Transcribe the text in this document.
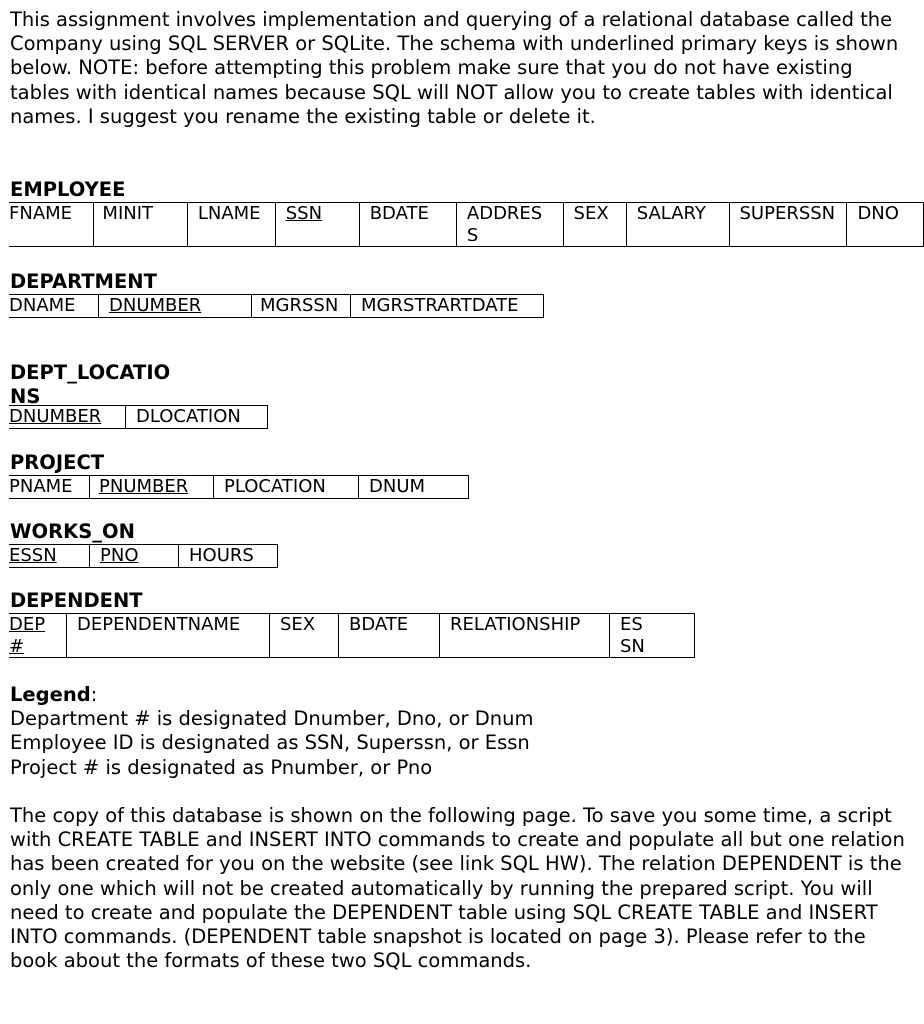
This assignment involves implementation and querying of a relational database called the Company using SQL SERVER or SQLite. The schema with underlined primary keys is shown below. NOTE: before attempting this problem make sure that you do not have existing tables with identical names because SQL will NOT allow you to create tables with identical names. I suggest you rename the existing table or delete it.

EMPLOYEE

FNAME	MINIT	LNAME	SSN	BDATE	ADDRESS	SEX	SALARY	SUPERSSN	DNO

DEPARTMENT

DNAME	DNUMBER	MGRSSN	MGRSTRARTDATE

DEPT_LOCATIONS

DNUMBER	DLOCATION

PROJECT

PNAME	PNUMBER	PLOCATION	DNUM

WORKS_ON

ESSN	PNO	HOURS

DEPENDENT

DEP#	DEPENDENTNAME	SEX	BDATE	RELATIONSHIP	ESSN

Legend:

Department # is designated Dnumber, Dno, or Dnum

Employee ID is designated as SSN, Superssn, or Essn

Project # is designated as Pnumber, or Pno

The copy of this database is shown on the following page. To save you some time, a script with CREATE TABLE and INSERT INTO commands to create and populate all but one relation has been created for you on the website (see link SQL HW). The relation DEPENDENT is the only one which will not be created automatically by running the prepared script. You will need to create and populate the DEPENDENT table using SQL CREATE TABLE and INSERT INTO commands. (DEPENDENT table snapshot is located on page 3). Please refer to the book about the formats of these two SQL commands.
